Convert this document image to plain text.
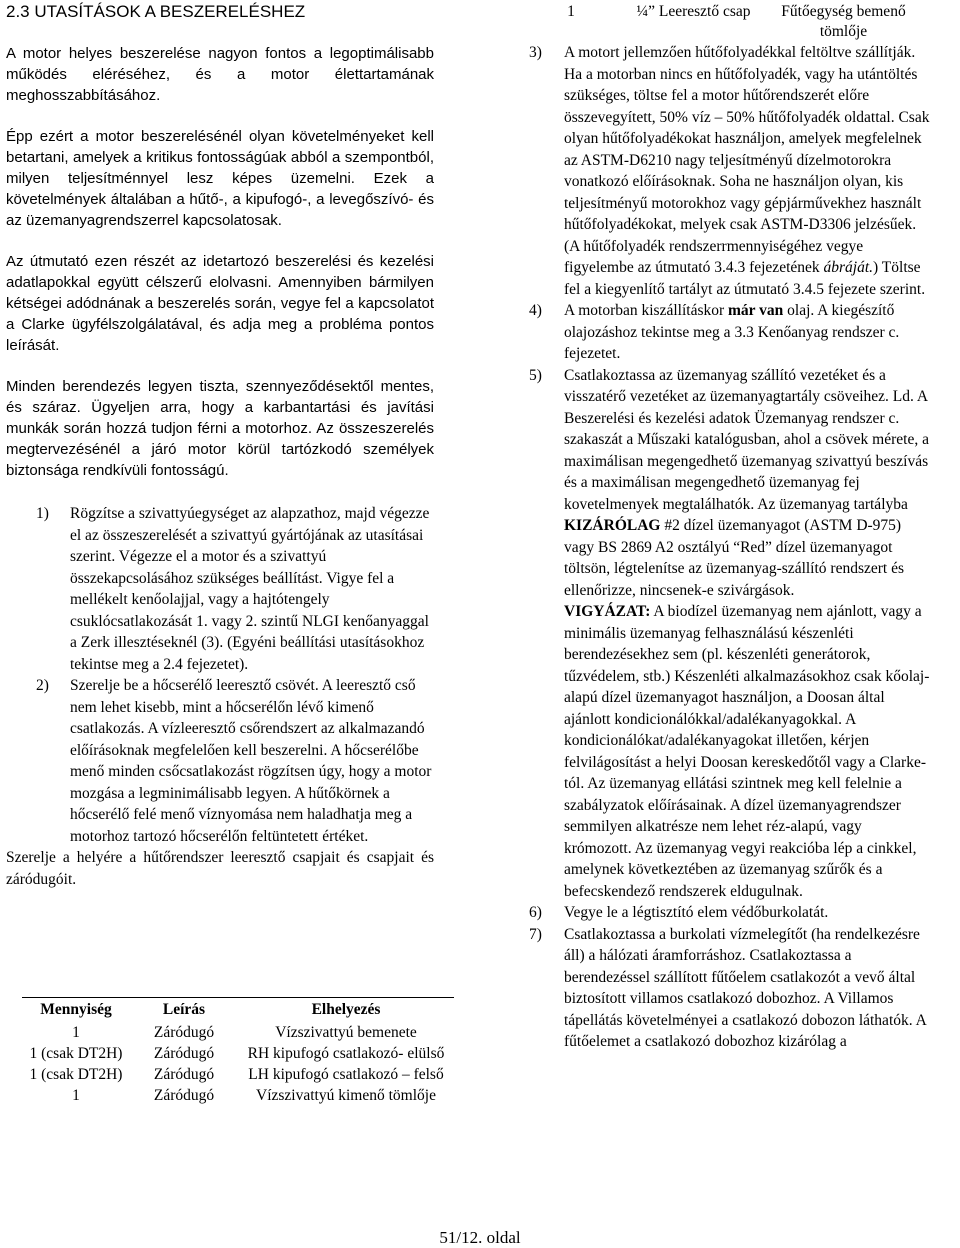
2.3 UTASÍTÁSOK A BESZERELÉSHEZ

A motor helyes beszerelése nagyon fontos a legoptimálisabb működés eléréséhez, és a motor élettartamának meghosszabbításához.

Épp ezért a motor beszerelésénél olyan követelményeket kell betartani, amelyek a kritikus fontosságúak abból a szempontból, milyen teljesítménnyel lesz képes üzemelni. Ezek a követelmények általában a hűtő-, a kipufogó-, a levegőszívó- és az üzemanyagrendszerrel kapcsolatosak.

Az útmutató ezen részét az idetartozó beszerelési és kezelési adatlapokkal együtt célszerű elolvasni. Amennyiben bármilyen kétségei adódnának a beszerelés során, vegye fel a kapcsolatot a Clarke ügyfélszolgálatával, és adja meg a probléma pontos leírását.

Minden berendezés legyen tiszta, szennyeződésektől mentes, és száraz. Ügyeljen arra, hogy a karbantartási és javítási munkák során hozzá tudjon férni a motorhoz. Az összeszerelés megtervezésénél a járó motor körül tartózkodó személyek biztonsága rendkívüli fontosságú.

1) Rögzítse a szivattyúegységet az alapzathoz, majd végezze el az összeszerelését a szivattyú gyártójának az utasításai szerint. Végezze el a motor és a szivattyú összekapcsolásához szükséges beállítást. Vigye fel a mellékelt kenőolajjal, vagy a hajtótengely csuklócsatlakozását 1. vagy 2. szintű NLGI kenőanyaggal a Zerk illesztéseknél (3). (Egyéni beállítási utasításokhoz tekintse meg a 2.4 fejezetet).
2) Szerelje be a hőcserélő leeresztő csövét. A leeresztő cső nem lehet kisebb, mint a hőcserélőn lévő kimenő csatlakozás. A vízleeresztő csőrendszert az alkalmazandó előírásoknak megfelelően kell beszerelni. A hőcserélőbe menő minden csőcsatlakozást rögzítsen úgy, hogy a motor mozgása a legminimálisabb legyen. A hűtőkörnek a hőcserélő felé menő víznyomása nem haladhatja meg a motorhoz tartozó hőcserélőn feltüntetett értéket.

Szerelje a helyére a hűtőrendszer leeresztő csapjait és csapjait és záródugóit.

Mennyiség	Leírás	Elhelyezés
1	Záródugó	Vízszivattyú bemenete
1 (csak DT2H)	Záródugó	RH kipufogó csatlakozó- elülső
1 (csak DT2H)	Záródugó	LH kipufogó csatlakozó – felső
1	Záródugó	Vízszivattyú kimenő tömlője
1	¼” Leeresztő csap	Fűtőegység bemenő tömlője
3) A motort jellemzően hűtőfolyadékkal feltöltve szállítják. Ha a motorban nincs en hűtőfolyadék, vagy ha utántöltés szükséges, töltse fel a motor hűtőrendszerét előre összevegyített, 50% víz – 50% hűtőfolyadék oldattal. Csak olyan hűtőfolyadékokat használjon, amelyek megfelelnek az ASTM-D6210 nagy teljesítményű dízelmotorokra vonatkozó előírásoknak. Soha ne használjon olyan, kis teljesítményű motorokhoz vagy gépjárművekhez használt hűtőfolyadékokat, melyek csak ASTM-D3306 jelzésűek. (A hűtőfolyadék rendszerrmennyiségéhez vegye figyelembe az útmutató 3.4.3 fejezetének ábráját.) Töltse fel a kiegyenlítő tartályt az útmutató 3.4.5 fejezete szerint.
4) A motorban kiszállításkor már van olaj. A kiegészítő olajozáshoz tekintse meg a 3.3 Kenőanyag rendszer c. fejezetet.
5) Csatlakoztassa az üzemanyag szállító vezetéket és a visszatérő vezetéket az üzemanyagtartály csöveihez. Ld. A Beszerelési és kezelési adatok Üzemanyag rendszer c. szakaszát a Műszaki katalógusban, ahol a csövek mérete, a maximálisan megengedhető üzemanyag szivattyú beszívás és a maximálisan megengedhető üzemanyag fej kovetelmenyek megtalálhatók. Az üzemanyag tartályba KIZÁRÓLAG #2 dízel üzemanyagot (ASTM D-975) vagy BS 2869 A2 osztályú “Red” dízel üzemanyagot töltsön, légtelenítse az üzemanyag-szállító rendszert és ellenőrizze, nincsenek-e szivárgások.
VIGYÁZAT: A biodízel üzemanyag nem ajánlott, vagy a minimális üzemanyag felhasználású készenléti berendezésekhez sem (pl. készenléti generátorok, tűzvédelem, stb.) Készenléti alkalmazásokhoz csak kőolaj-alapú dízel üzemanyagot használjon, a Doosan által ajánlott kondicionálókkal/adalékanyagokkal. A kondicionálókat/adalékanyagokat illetően, kérjen felvilágosítást a helyi Doosan kereskedőtől vagy a Clarke-tól. Az üzemanyag ellátási szintnek meg kell felelnie a szabályzatok előírásainak. A dízel üzemanyagrendszer semmilyen alkatrésze nem lehet réz-alapú, vagy krómozott. Az üzemanyag vegyi reakcióba lép a cinkkel, amelynek következtében az üzemanyag szűrők és a befecskendező rendszerek eldugulnak.
6) Vegye le a légtisztító elem védőburkolatát.
7) Csatlakoztassa a burkolati vízmelegítőt (ha rendelkezésre áll) a hálózati áramforráshoz. Csatlakoztassa a berendezéssel szállított fűtőelem csatlakozót a vevő által biztosított villamos csatlakozó dobozhoz. A Villamos tápellátás követelményei a csatlakozó dobozon láthatók. A fűtőelemet a csatlakozó dobozhoz kizárólag a
51/12. oldal
